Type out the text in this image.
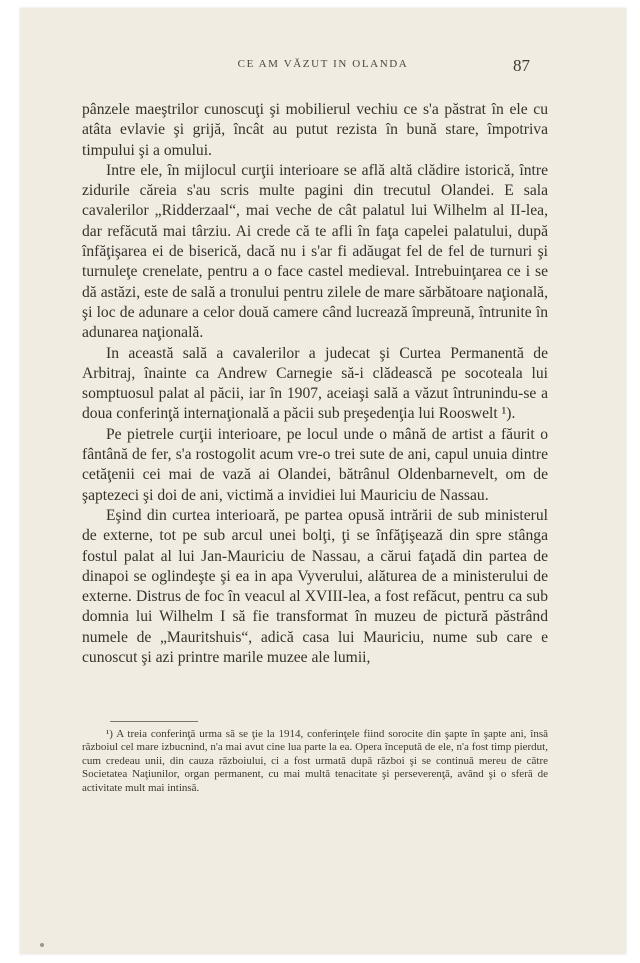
CE AM VĂZUT IN OLANDA	87

pânzele maeştrilor cunoscuţi şi mobilierul vechiu ce s'a păstrat în ele cu atâta evlavie şi grijă, încât au putut rezista în bună stare, împotriva timpului şi a omului.

Intre ele, în mijlocul curţii interioare se află altă clădire istorică, între zidurile căreia s'au scris multe pagini din trecutul Olandei. E sala cavalerilor „Ridderzaal“, mai veche de cât palatul lui Wilhelm al II-lea, dar refăcută mai târziu. Ai crede că te afli în faţa capelei palatului, după înfăţişarea ei de biserică, dacă nu i s'ar fi adăugat fel de fel de turnuri şi turnuleţe crenelate, pentru a o face castel medieval. Intrebuinţarea ce i se dă astăzi, este de sală a tronului pentru zilele de mare sărbătoare naţională, şi loc de adunare a celor două camere când lucrează împreună, întrunite în adunarea naţională.

In această sală a cavalerilor a judecat şi Curtea Permanentă de Arbitraj, înainte ca Andrew Carnegie să-i clădească pe socoteala lui somptuosul palat al păcii, iar în 1907, aceiaşi sală a văzut întrunindu-se a doua conferinţă internaţională a păcii sub preşedenţia lui Rooswelt ¹).

Pe pietrele curţii interioare, pe locul unde o mână de artist a făurit o fântână de fer, s'a rostogolit acum vre-o trei sute de ani, capul unuia dintre cetăţenii cei mai de vază ai Olandei, bătrânul Oldenbarnevelt, om de şaptezeci şi doi de ani, victimă a invidiei lui Mauriciu de Nassau.

Eşind din curtea interioară, pe partea opusă intrării de sub ministerul de externe, tot pe sub arcul unei bolţi, ţi se înfăţişează din spre stânga fostul palat al lui Jan-Mauriciu de Nassau, a cărui faţadă din partea de dinapoi se oglindeşte şi ea in apa Vyverului, alăturea de a ministerului de externe. Distrus de foc în veacul al XVIII-lea, a fost refăcut, pentru ca sub domnia lui Wilhelm I să fie transformat în muzeu de pictură păstrând numele de „Mauritshuis“, adică casa lui Mauriciu, nume sub care e cunoscut şi azi printre marile muzee ale lumii,

¹) A treia conferinţă urma să se ţie la 1914, conferinţele fiind sorocite din şapte în şapte ani, însă războiul cel mare izbucnind, n'a mai avut cine lua parte la ea. Opera începută de ele, n'a fost timp pierdut, cum credeau unii, din cauza războiului, ci a fost urmată după război şi se continuă mereu de către Societatea Naţiunilor, organ permanent, cu mai multă tenacitate şi perseverenţă, având şi o sferă de activitate mult mai intinsă.
